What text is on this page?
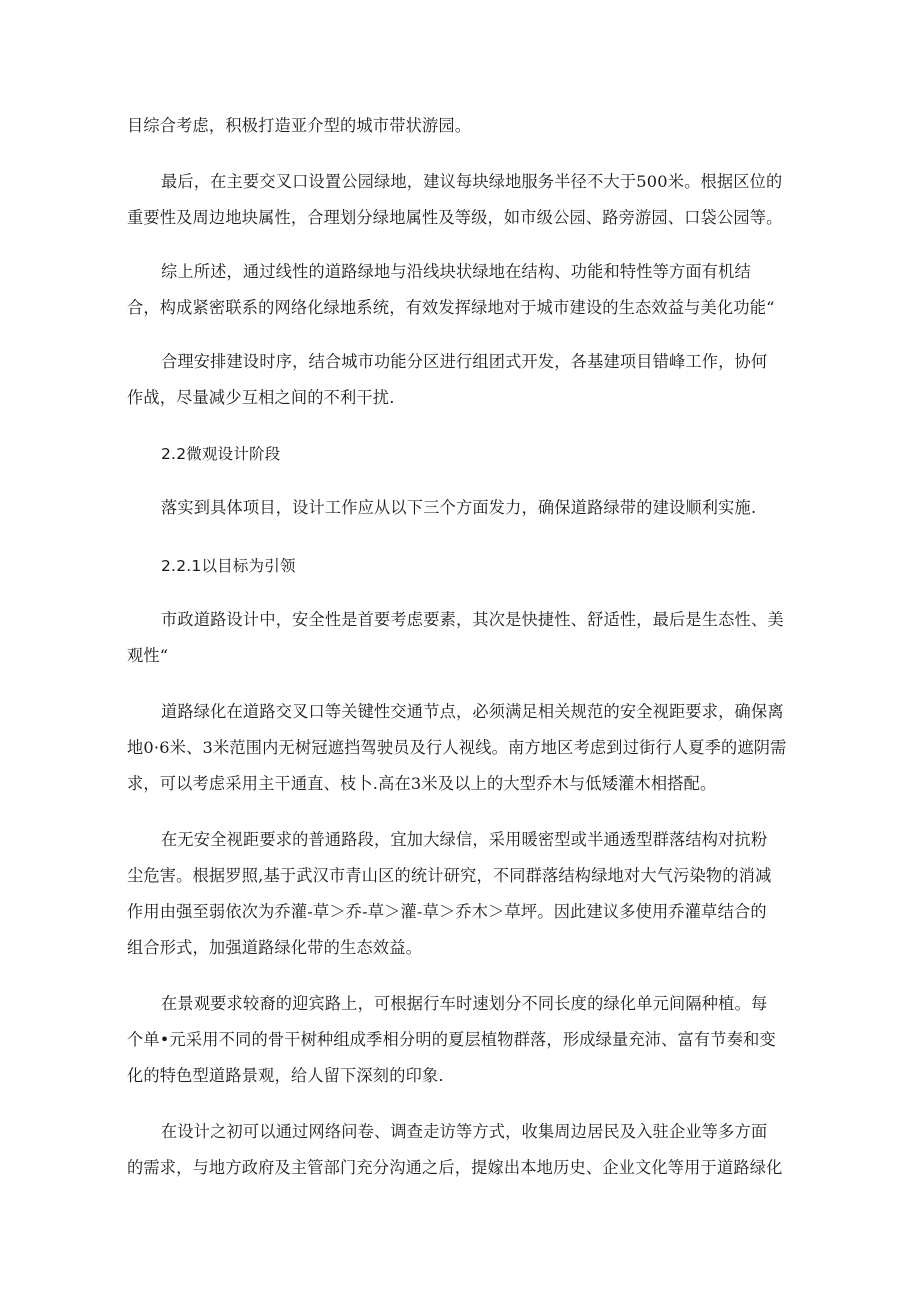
目综合考虑，积极打造亚介型的城市带状游园。

最后，在主要交叉口设置公园绿地，建议每块绿地服务半径不大于500米。根据区位的

重要性及周边地块属性，合理划分绿地属性及等级，如市级公园、路旁游园、口袋公园等。

综上所述，通过线性的道路绿地与沿线块状绿地在结构、功能和特性等方面有机结

合，构成紧密联系的网络化绿地系统，有效发挥绿地对于城市建设的生态效益与美化功能“

合理安排建设时序，结合城市功能分区进行组团式开发，各基建项目错峰工作，协何

作战，尽量减少互相之间的不利干扰.

2.2微观设计阶段

落实到具体项目，设计工作应从以下三个方面发力，确保道路绿带的建设顺利实施.

2.2.1以目标为引领

市政道路设计中，安全性是首要考虑要素，其次是快捷性、舒适性，最后是生态性、美

观性“

道路绿化在道路交叉口等关键性交通节点，必须满足相关规范的安全视距要求，确保离

地0·6米、3米范围内无树冠遮挡驾驶员及行人视线。南方地区考虑到过街行人夏季的遮阴需

求，可以考虑采用主干通直、枝卜.高在3米及以上的大型乔木与低矮灌木相搭配。

在无安全视距要求的普通路段，宜加大绿信，采用暖密型或半通透型群落结构对抗粉

尘危害。根据罗照,基于武汉市青山区的统计研究，不同群落结构绿地对大气污染物的消减

作用由强至弱依次为乔灌-草＞乔-草＞灌-草＞乔木＞草坪。因此建议多使用乔灌草结合的

组合形式，加强道路绿化带的生态效益。

在景观要求较裔的迎宾路上，可根据行车时速划分不同长度的绿化单元间隔种植。每

个单•元采用不同的骨干树种组成季相分明的夏层植物群落，形成绿量充沛、富有节奏和变

化的特色型道路景观，给人留下深刻的印象.

在设计之初可以通过网络问卷、调查走访等方式，收集周边居民及入驻企业等多方面

的需求，与地方政府及主管部门充分沟通之后，提嫁出本地历史、企业文化等用于道路绿化
